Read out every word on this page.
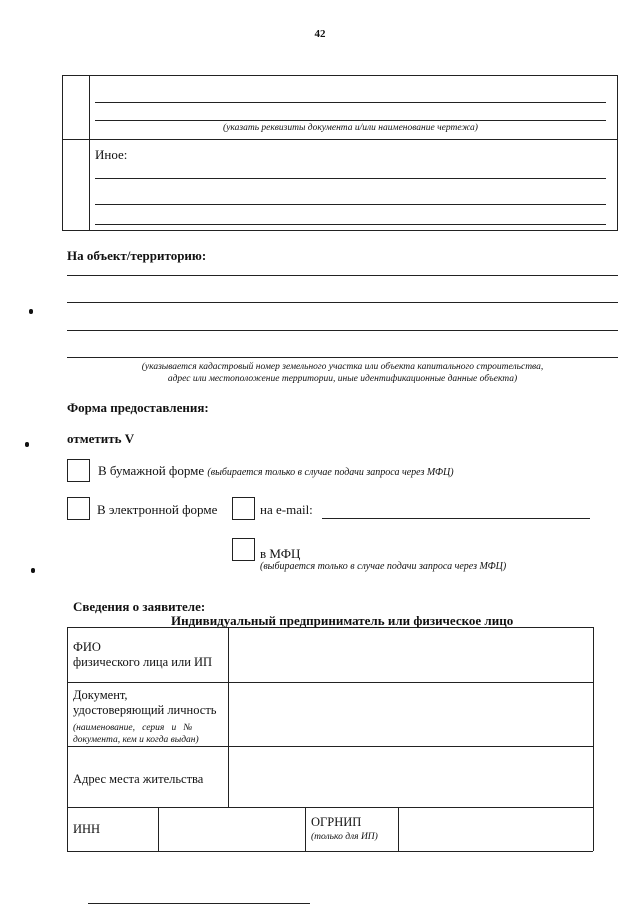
42
(указать реквизиты документа и/или наименование чертежа)
Иное:
На объект/территорию:
(указывается кадастровый номер земельного участка или объекта капитального строительства,
адрес или местоположение территории, иные идентификационные данные объекта)
Форма предоставления:
отметить V
В бумажной форме (выбирается только в случае подачи запроса через МФЦ)
В электронной форме	на e-mail:
в МФЦ
(выбирается только в случае подачи запроса через МФЦ)
Сведения о заявителе:
Индивидуальный предприниматель или физическое лицо
ФИО
физического лица или ИП
Документ,
удостоверяющий личность
(наименование,   серия   и   №
документа, кем и когда выдан)
Адрес места жительства
ИНН	ОГРНИП
(только для ИП)
